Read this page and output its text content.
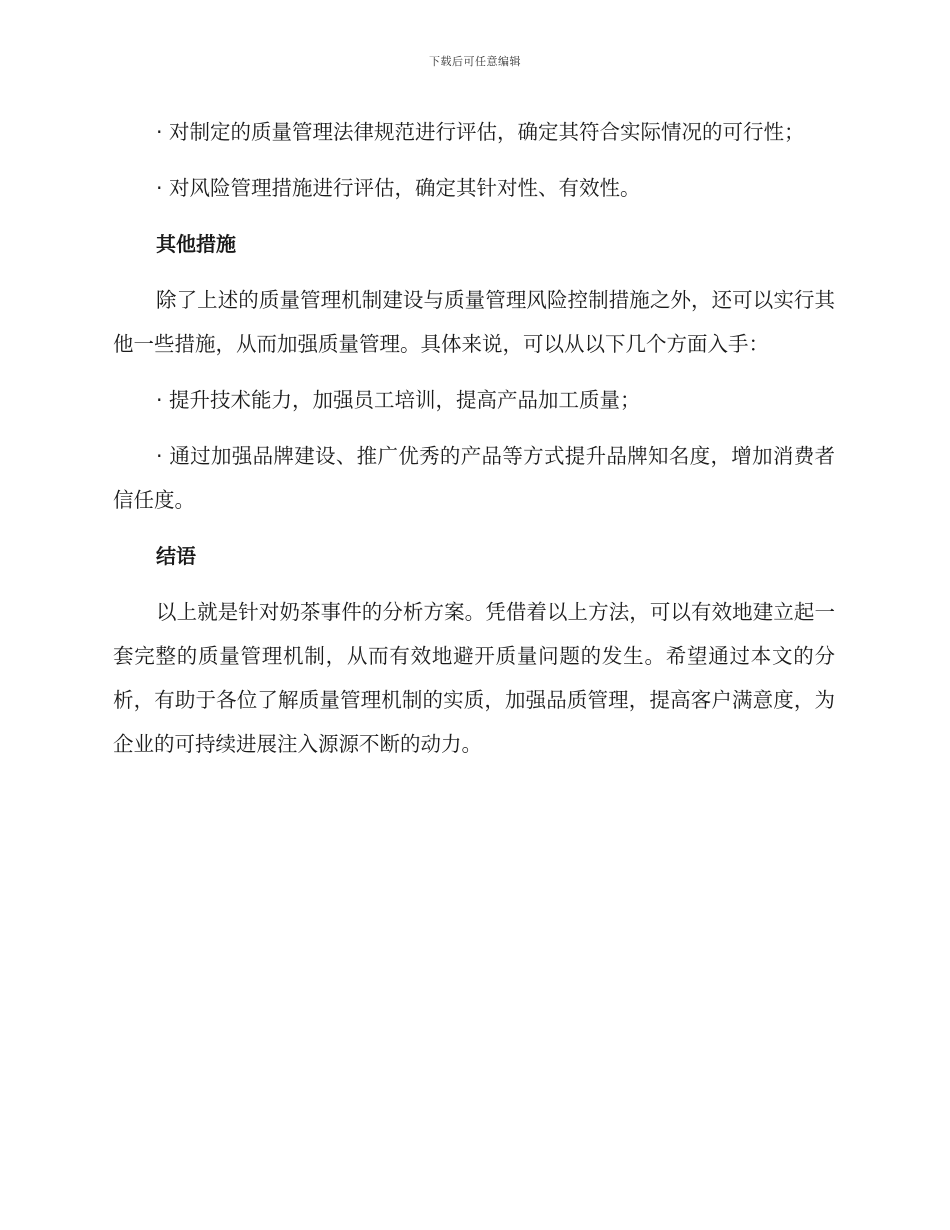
下载后可任意编辑

· 对制定的质量管理法律规范进行评估，确定其符合实际情况的可行性；

· 对风险管理措施进行评估，确定其针对性、有效性。

其他措施

除了上述的质量管理机制建设与质量管理风险控制措施之外，还可以实行其他一些措施，从而加强质量管理。具体来说，可以从以下几个方面入手：

· 提升技术能力，加强员工培训，提高产品加工质量；

· 通过加强品牌建设、推广优秀的产品等方式提升品牌知名度，增加消费者信任度。

结语

以上就是针对奶茶事件的分析方案。凭借着以上方法，可以有效地建立起一套完整的质量管理机制，从而有效地避开质量问题的发生。希望通过本文的分析，有助于各位了解质量管理机制的实质，加强品质管理，提高客户满意度，为企业的可持续进展注入源源不断的动力。
